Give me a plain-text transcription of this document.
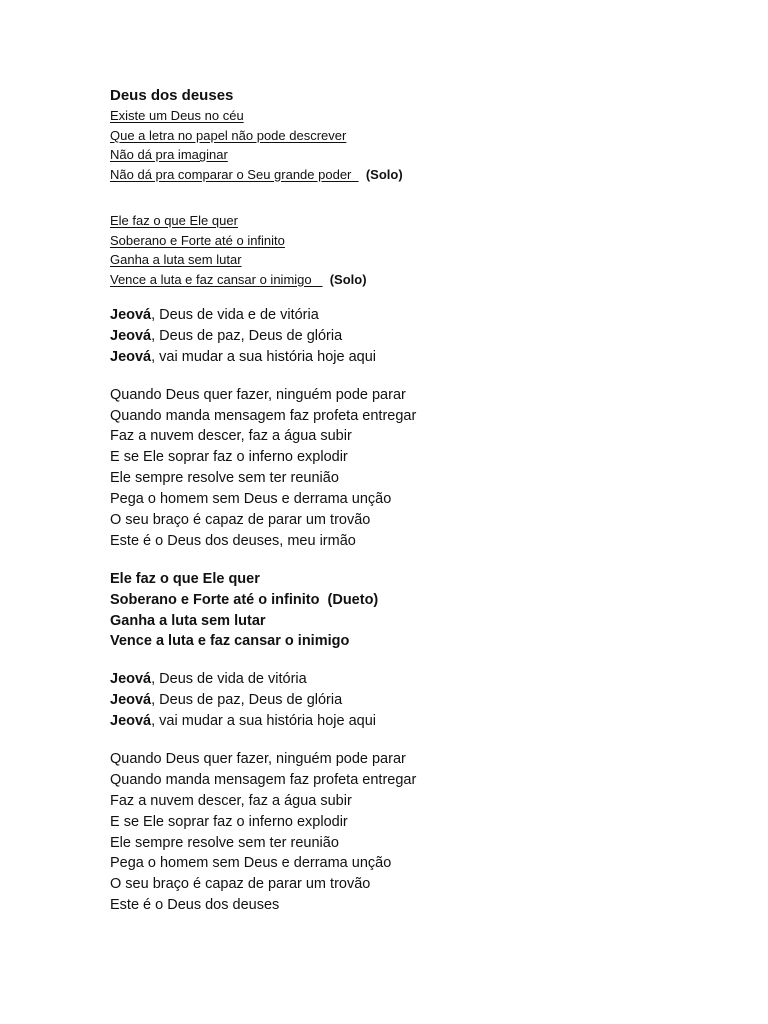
Deus dos deuses
Existe um Deus no céu
Que a letra no papel não pode descrever
Não dá pra imaginar
Não dá pra comparar o Seu grande poder    (Solo)
Ele faz o que Ele quer
Soberano e Forte até o infinito
Ganha a luta sem lutar
Vence a luta e faz cansar o inimigo     (Solo)
Jeová, Deus de vida e de vitória
Jeová, Deus de paz, Deus de glória
Jeová, vai mudar a sua história hoje aqui
Quando Deus quer fazer, ninguém pode parar
Quando manda mensagem faz profeta entregar
Faz a nuvem descer, faz a água subir
E se Ele soprar faz o inferno explodir
Ele sempre resolve sem ter reunião
Pega o homem sem Deus e derrama unção
O seu braço é capaz de parar um trovão
Este é o Deus dos deuses, meu irmão
Ele faz o que Ele quer
Soberano e Forte até o infinito  (Dueto)
Ganha a luta sem lutar
Vence a luta e faz cansar o inimigo
Jeová, Deus de vida de vitória
Jeová, Deus de paz, Deus de glória
Jeová, vai mudar a sua história hoje aqui
Quando Deus quer fazer, ninguém pode parar
Quando manda mensagem faz profeta entregar
Faz a nuvem descer, faz a água subir
E se Ele soprar faz o inferno explodir
Ele sempre resolve sem ter reunião
Pega o homem sem Deus e derrama unção
O seu braço é capaz de parar um trovão
Este é o Deus dos deuses
